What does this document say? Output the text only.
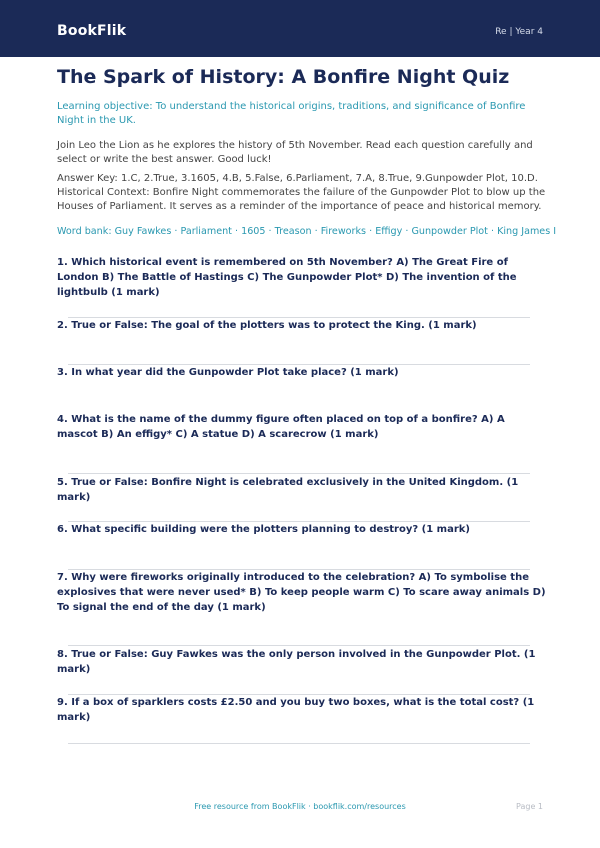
BookFlik	Re | Year 4
The Spark of History: A Bonfire Night Quiz
Learning objective: To understand the historical origins, traditions, and significance of Bonfire Night in the UK.
Join Leo the Lion as he explores the history of 5th November. Read each question carefully and select or write the best answer. Good luck!
Answer Key: 1.C, 2.True, 3.1605, 4.B, 5.False, 6.Parliament, 7.A, 8.True, 9.Gunpowder Plot, 10.D. Historical Context: Bonfire Night commemorates the failure of the Gunpowder Plot to blow up the Houses of Parliament. It serves as a reminder of the importance of peace and historical memory.
Word bank: Guy Fawkes · Parliament · 1605 · Treason · Fireworks · Effigy · Gunpowder Plot · King James I
1. Which historical event is remembered on 5th November? A) The Great Fire of London B) The Battle of Hastings C) The Gunpowder Plot* D) The invention of the lightbulb (1 mark)
2. True or False: The goal of the plotters was to protect the King. (1 mark)
3. In what year did the Gunpowder Plot take place? (1 mark)
4. What is the name of the dummy figure often placed on top of a bonfire? A) A mascot B) An effigy* C) A statue D) A scarecrow (1 mark)
5. True or False: Bonfire Night is celebrated exclusively in the United Kingdom. (1 mark)
6. What specific building were the plotters planning to destroy? (1 mark)
7. Why were fireworks originally introduced to the celebration? A) To symbolise the explosives that were never used* B) To keep people warm C) To scare away animals D) To signal the end of the day (1 mark)
8. True or False: Guy Fawkes was the only person involved in the Gunpowder Plot. (1 mark)
9. If a box of sparklers costs £2.50 and you buy two boxes, what is the total cost? (1 mark)
Free resource from BookFlik · bookflik.com/resources	Page 1
